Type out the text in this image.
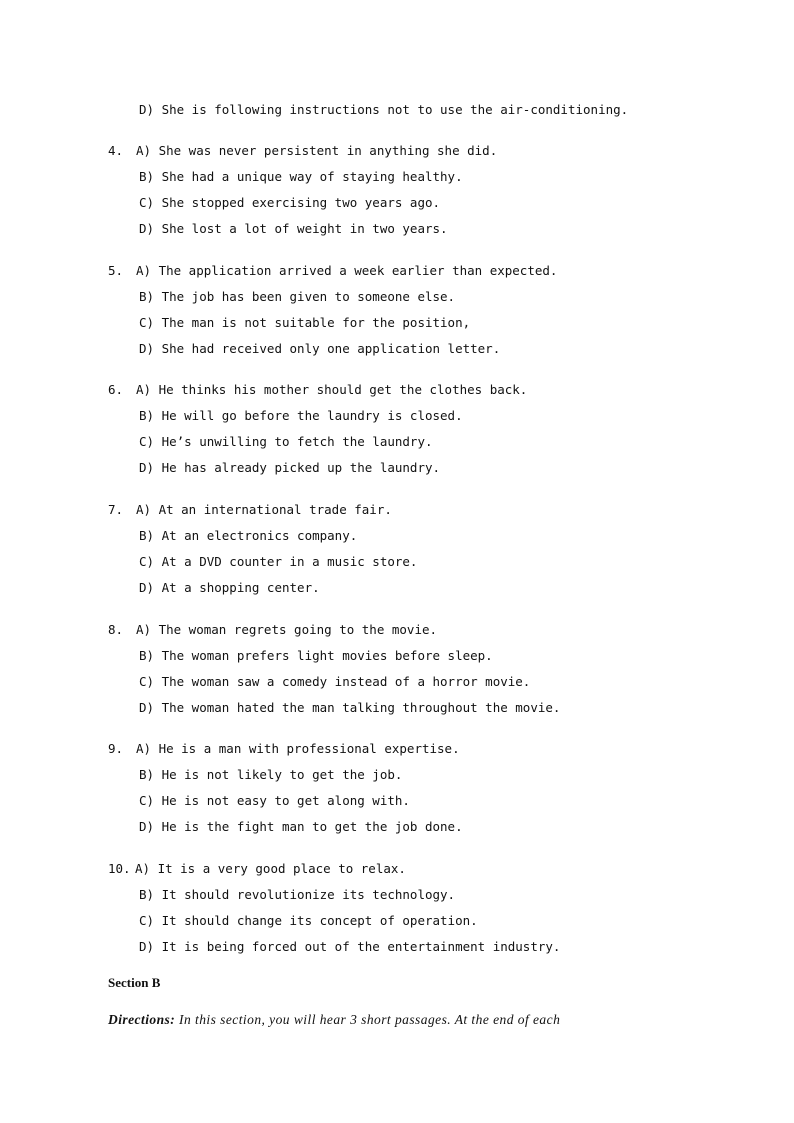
D) She is following instructions not to use the air-conditioning.
4. A) She was never persistent in anything she did.
B) She had a unique way of staying healthy.
C) She stopped exercising two years ago.
D) She lost a lot of weight in two years.
5. A) The application arrived a week earlier than expected.
B) The job has been given to someone else.
C) The man is not suitable for the position,
D) She had received only one application letter.
6. A) He thinks his mother should get the clothes back.
B) He will go before the laundry is closed.
C) He’s unwilling to fetch the laundry.
D) He has already picked up the laundry.
7. A) At an international trade fair.
B) At an electronics company.
C) At a DVD counter in a music store.
D) At a shopping center.
8. A) The woman regrets going to the movie.
B) The woman prefers light movies before sleep.
C) The woman saw a comedy instead of a horror movie.
D) The woman hated the man talking throughout the movie.
9. A) He is a man with professional expertise.
B) He is not likely to get the job.
C) He is not easy to get along with.
D) He is the fight man to get the job done.
10. A) It is a very good place to relax.
B) It should revolutionize its technology.
C) It should change its concept of operation.
D) It is being forced out of the entertainment industry.
Section B
Directions: In this section, you will hear 3 short passages. At the end of each
